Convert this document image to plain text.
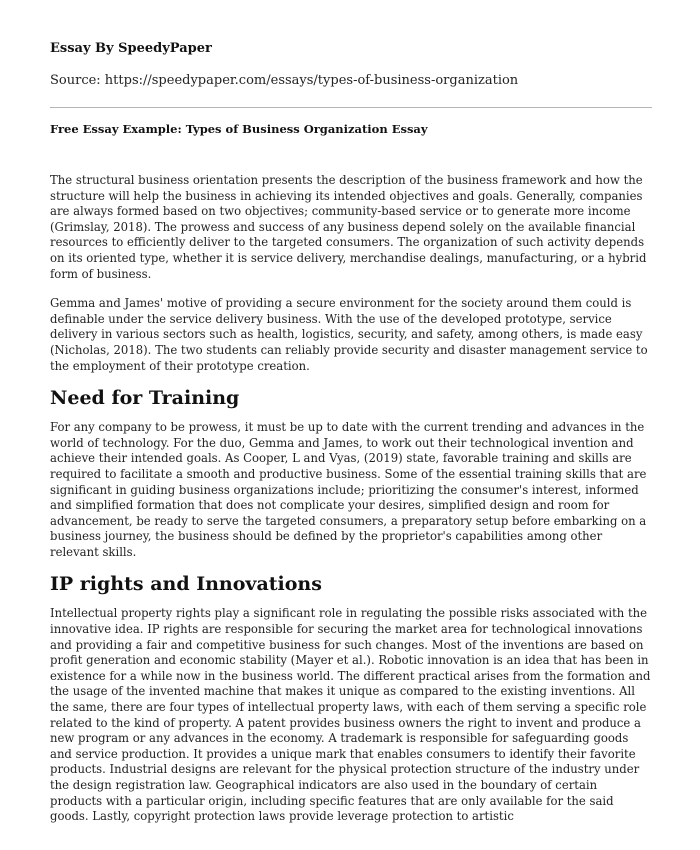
Essay By SpeedyPaper
Source: https://speedypaper.com/essays/types-of-business-organization
Free Essay Example: Types of Business Organization Essay

The structural business orientation presents the description of the business framework and how the structure will help the business in achieving its intended objectives and goals. Generally, companies are always formed based on two objectives; community-based service or to generate more income (Grimslay, 2018). The prowess and success of any business depend solely on the available financial resources to efficiently deliver to the targeted consumers. The organization of such activity depends on its oriented type, whether it is service delivery, merchandise dealings, manufacturing, or a hybrid form of business.

Gemma and James' motive of providing a secure environment for the society around them could is definable under the service delivery business. With the use of the developed prototype, service delivery in various sectors such as health, logistics, security, and safety, among others, is made easy (Nicholas, 2018). The two students can reliably provide security and disaster management service to the employment of their prototype creation.

Need for Training

For any company to be prowess, it must be up to date with the current trending and advances in the world of technology. For the duo, Gemma and James, to work out their technological invention and achieve their intended goals. As Cooper, L and Vyas, (2019) state, favorable training and skills are required to facilitate a smooth and productive business. Some of the essential training skills that are significant in guiding business organizations include; prioritizing the consumer's interest, informed and simplified formation that does not complicate your desires, simplified design and room for advancement, be ready to serve the targeted consumers, a preparatory setup before embarking on a business journey, the business should be defined by the proprietor's capabilities among other relevant skills.

IP rights and Innovations

Intellectual property rights play a significant role in regulating the possible risks associated with the innovative idea. IP rights are responsible for securing the market area for technological innovations and providing a fair and competitive business for such changes. Most of the inventions are based on profit generation and economic stability (Mayer et al.). Robotic innovation is an idea that has been in existence for a while now in the business world. The different practical arises from the formation and the usage of the invented machine that makes it unique as compared to the existing inventions. All the same, there are four types of intellectual property laws, with each of them serving a specific role related to the kind of property. A patent provides business owners the right to invent and produce a new program or any advances in the economy. A trademark is responsible for safeguarding goods and service production. It provides a unique mark that enables consumers to identify their favorite products. Industrial designs are relevant for the physical protection structure of the industry under the design registration law. Geographical indicators are also used in the boundary of certain products with a particular origin, including specific features that are only available for the said goods. Lastly, copyright protection laws provide leverage protection to artistic
